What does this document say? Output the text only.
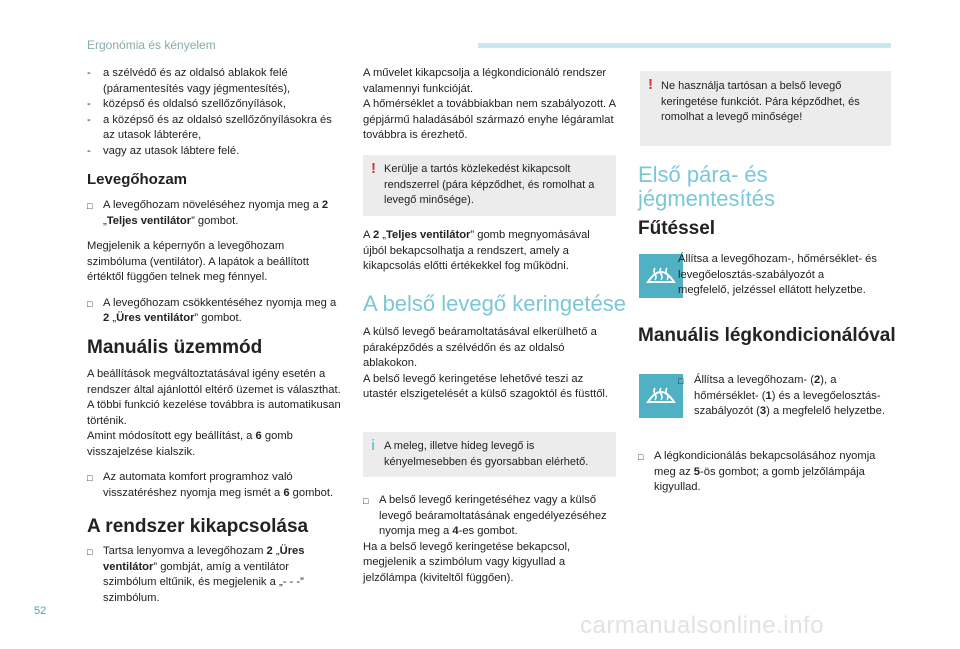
Ergonómia és kényelem
52
carmanualsonline.info

- a szélvédő és az oldalsó ablakok felé (páramentesítés vagy jégmentesítés),

- középső és oldalsó szellőzőnyílások,

- a középső és az oldalsó szellőzőnyílásokra és az utasok lábterére,

- vagy az utasok lábtere felé.

Levegőhozam

□ A levegőhozam növeléséhez nyomja meg a 2 „Teljes ventilátor” gombot.

Megjelenik a képernyőn a levegőhozam szimbóluma (ventilátor). A lapátok a beállított értéktől függően telnek meg fénnyel.

□ A levegőhozam csökkentéséhez nyomja meg a 2 „Üres ventilátor” gombot.

Manuális üzemmód

A beállítások megváltoztatásával igény esetén a rendszer által ajánlottól eltérő üzemet is választhat. A többi funkció kezelése továbbra is automatikusan történik.

Amint módosított egy beállítást, a 6 gomb visszajelzése kialszik.

□ Az automata komfort programhoz való visszatéréshez nyomja meg ismét a 6 gombot.

A rendszer kikapcsolása

□ Tartsa lenyomva a levegőhozam 2 „Üres ventilátor” gombját, amíg a ventilátor szimbólum eltűnik, és megjelenik a „- - -” szimbólum.

A művelet kikapcsolja a légkondicionáló rendszer valamennyi funkcióját.

A hőmérséklet a továbbiakban nem szabályozott. A gépjármű haladásából származó enyhe légáramlat továbbra is érezhető.

! Kerülje a tartós közlekedést kikapcsolt rendszerrel (pára képződhet, és romolhat a levegő minősége).

A 2 „Teljes ventilátor” gomb megnyomásával újból bekapcsolhatja a rendszert, amely a kikapcsolás előtti értékekkel fog működni.

A belső levegő keringetése

A külső levegő beáramoltatásával elkerülhető a páraképződés a szélvédőn és az oldalsó ablakokon.

A belső levegő keringetése lehetővé teszi az utastér elszigetelését a külső szagoktól és füsttől.

i A meleg, illetve hideg levegő is kényelmesebben és gyorsabban elérhető.

□ A belső levegő keringetéséhez vagy a külső levegő beáramoltatásának engedélyezéséhez nyomja meg a 4-es gombot.

Ha a belső levegő keringetése bekapcsol, megjelenik a szimbólum vagy kigyullad a jelzőlámpa (kiviteltől függően).

! Ne használja tartósan a belső levegő keringetése funkciót. Pára képződhet, és romolhat a levegő minősége!
Első pára- és
jégmentesítés
Fűtéssel
Állítsa a levegőhozam-, hőmérséklet- és levegőelosztás-szabályozót a megfelelő, jelzéssel ellátott helyzetbe.
Manuális légkondicionálóval

□ Állítsa a levegőhozam- (2), a hőmérséklet- (1) és a levegőelosztás-szabályozót (3) a megfelelő helyzetbe.

□ A légkondicionálás bekapcsolásához nyomja meg az 5-ös gombot; a gomb jelzőlámpája kigyullad.
